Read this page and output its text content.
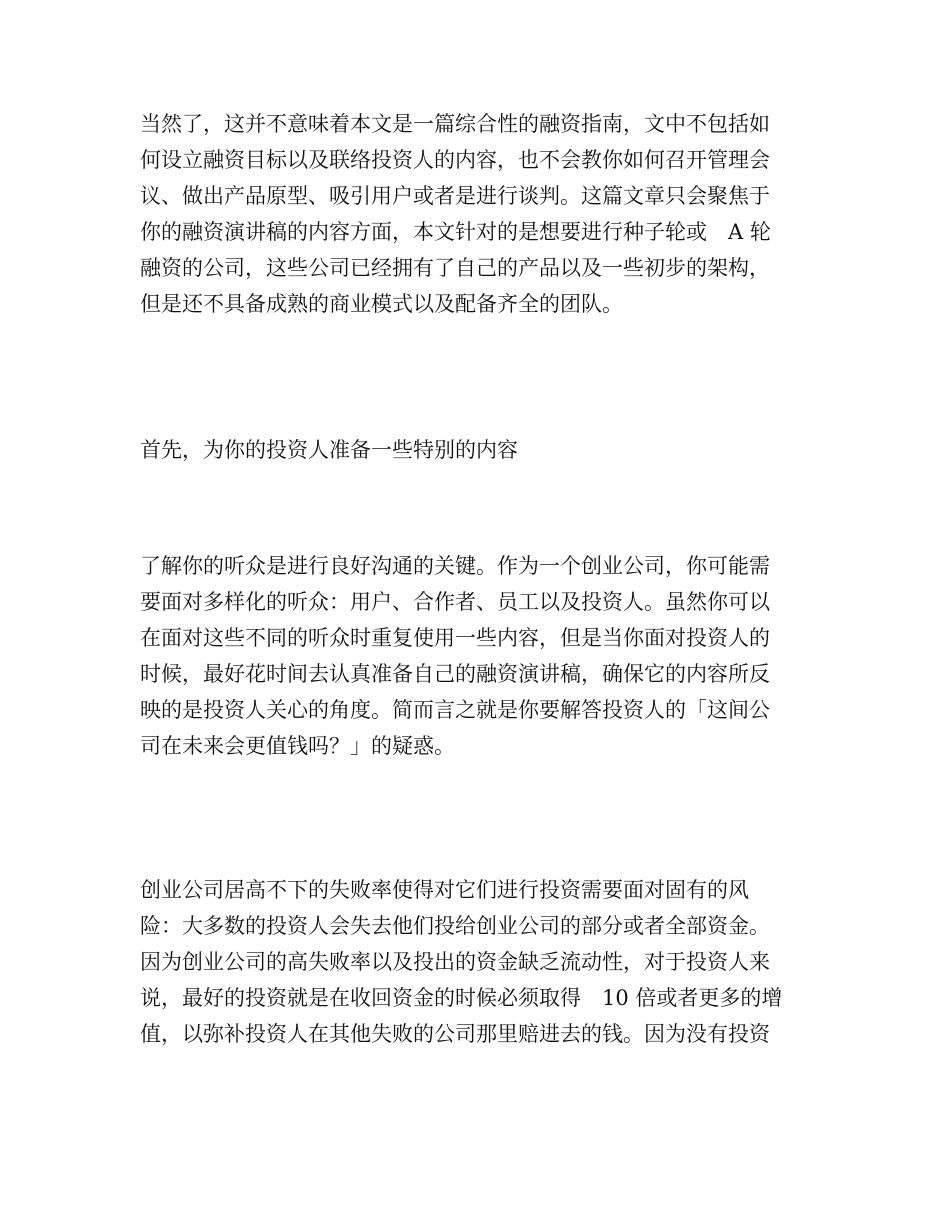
当然了，这并不意味着本文是一篇综合性的融资指南，文中不包括如
何设立融资目标以及联络投资人的内容，也不会教你如何召开管理会
议、做出产品原型、吸引用户或者是进行谈判。这篇文章只会聚焦于
你的融资演讲稿的内容方面，本文针对的是想要进行种子轮或　A 轮
融资的公司，这些公司已经拥有了自己的产品以及一些初步的架构，
但是还不具备成熟的商业模式以及配备齐全的团队。
首先，为你的投资人准备一些特别的内容
了解你的听众是进行良好沟通的关键。作为一个创业公司，你可能需
要面对多样化的听众：用户、合作者、员工以及投资人。虽然你可以
在面对这些不同的听众时重复使用一些内容，但是当你面对投资人的
时候，最好花时间去认真准备自己的融资演讲稿，确保它的内容所反
映的是投资人关心的角度。简而言之就是你要解答投资人的「这间公
司在未来会更值钱吗？」的疑惑。
创业公司居高不下的失败率使得对它们进行投资需要面对固有的风
险：大多数的投资人会失去他们投给创业公司的部分或者全部资金。
因为创业公司的高失败率以及投出的资金缺乏流动性，对于投资人来
说，最好的投资就是在收回资金的时候必须取得　10 倍或者更多的增
值，以弥补投资人在其他失败的公司那里赔进去的钱。因为没有投资
